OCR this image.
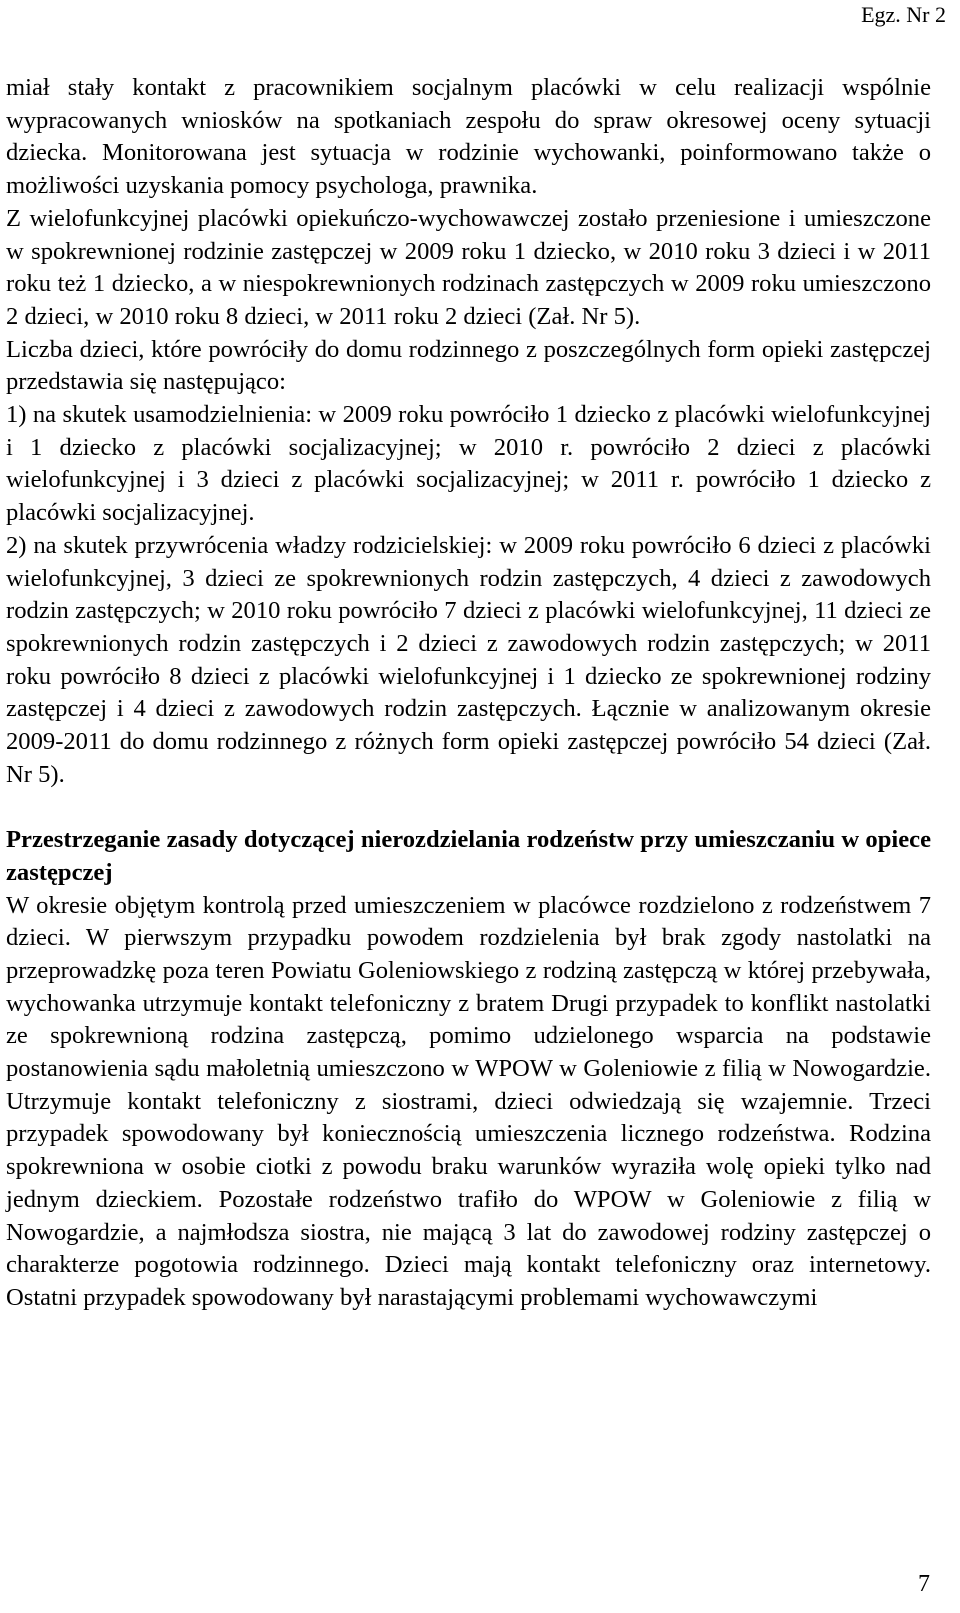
Egz. Nr 2

miał stały kontakt z pracownikiem socjalnym placówki w celu realizacji wspólnie wypracowanych wniosków na spotkaniach zespołu do spraw okresowej oceny sytuacji dziecka. Monitorowana jest sytuacja w rodzinie wychowanki, poinformowano także o możliwości uzyskania pomocy psychologa, prawnika.

Z wielofunkcyjnej placówki opiekuńczo-wychowawczej zostało przeniesione i umieszczone w spokrewnionej rodzinie zastępczej w 2009 roku 1 dziecko, w 2010 roku 3 dzieci i w 2011 roku też 1 dziecko, a w niespokrewnionych rodzinach zastępczych w 2009 roku umieszczono 2 dzieci, w 2010 roku 8 dzieci, w 2011 roku 2 dzieci (Zał. Nr 5).

Liczba dzieci, które powróciły do domu rodzinnego z poszczególnych form opieki zastępczej przedstawia się następująco:

1) na skutek usamodzielnienia: w 2009 roku powróciło 1 dziecko z placówki wielofunkcyjnej i 1 dziecko z placówki socjalizacyjnej; w 2010 r. powróciło 2 dzieci z placówki wielofunkcyjnej i 3 dzieci z placówki socjalizacyjnej; w 2011 r. powróciło 1 dziecko z placówki socjalizacyjnej.

2) na skutek przywrócenia władzy rodzicielskiej: w 2009 roku powróciło 6 dzieci z placówki wielofunkcyjnej, 3 dzieci ze spokrewnionych rodzin zastępczych, 4 dzieci z zawodowych rodzin zastępczych; w 2010 roku powróciło 7 dzieci z placówki wielofunkcyjnej, 11 dzieci ze spokrewnionych rodzin zastępczych i 2 dzieci z zawodowych rodzin zastępczych; w 2011 roku powróciło 8 dzieci z placówki wielofunkcyjnej i 1 dziecko ze spokrewnionej rodziny zastępczej i 4 dzieci z zawodowych rodzin zastępczych. Łącznie w analizowanym okresie 2009-2011 do domu rodzinnego z różnych form opieki zastępczej powróciło 54 dzieci (Zał. Nr 5).

Przestrzeganie zasady dotyczącej nierozdzielania rodzeństw przy umieszczaniu w opiece zastępczej

W okresie objętym kontrolą przed umieszczeniem w placówce rozdzielono z rodzeństwem 7 dzieci. W pierwszym przypadku powodem rozdzielenia był brak zgody nastolatki na przeprowadzkę poza teren Powiatu Goleniowskiego z rodziną zastępczą w której przebywała, wychowanka utrzymuje kontakt telefoniczny z bratem Drugi przypadek to konflikt nastolatki ze spokrewnioną rodzina zastępczą, pomimo udzielonego wsparcia na podstawie postanowienia sądu małoletnią umieszczono w WPOW w Goleniowie z filią w Nowogardzie. Utrzymuje kontakt telefoniczny z siostrami, dzieci odwiedzają się wzajemnie. Trzeci przypadek spowodowany był koniecznością umieszczenia licznego rodzeństwa. Rodzina spokrewniona w osobie ciotki z powodu braku warunków wyraziła wolę opieki tylko nad jednym dzieckiem. Pozostałe rodzeństwo trafiło do WPOW w Goleniowie z filią w Nowogardzie, a najmłodsza siostra, nie mającą 3 lat do zawodowej rodziny zastępczej o charakterze pogotowia rodzinnego. Dzieci mają kontakt telefoniczny oraz internetowy. Ostatni przypadek spowodowany był narastającymi problemami wychowawczymi

7
